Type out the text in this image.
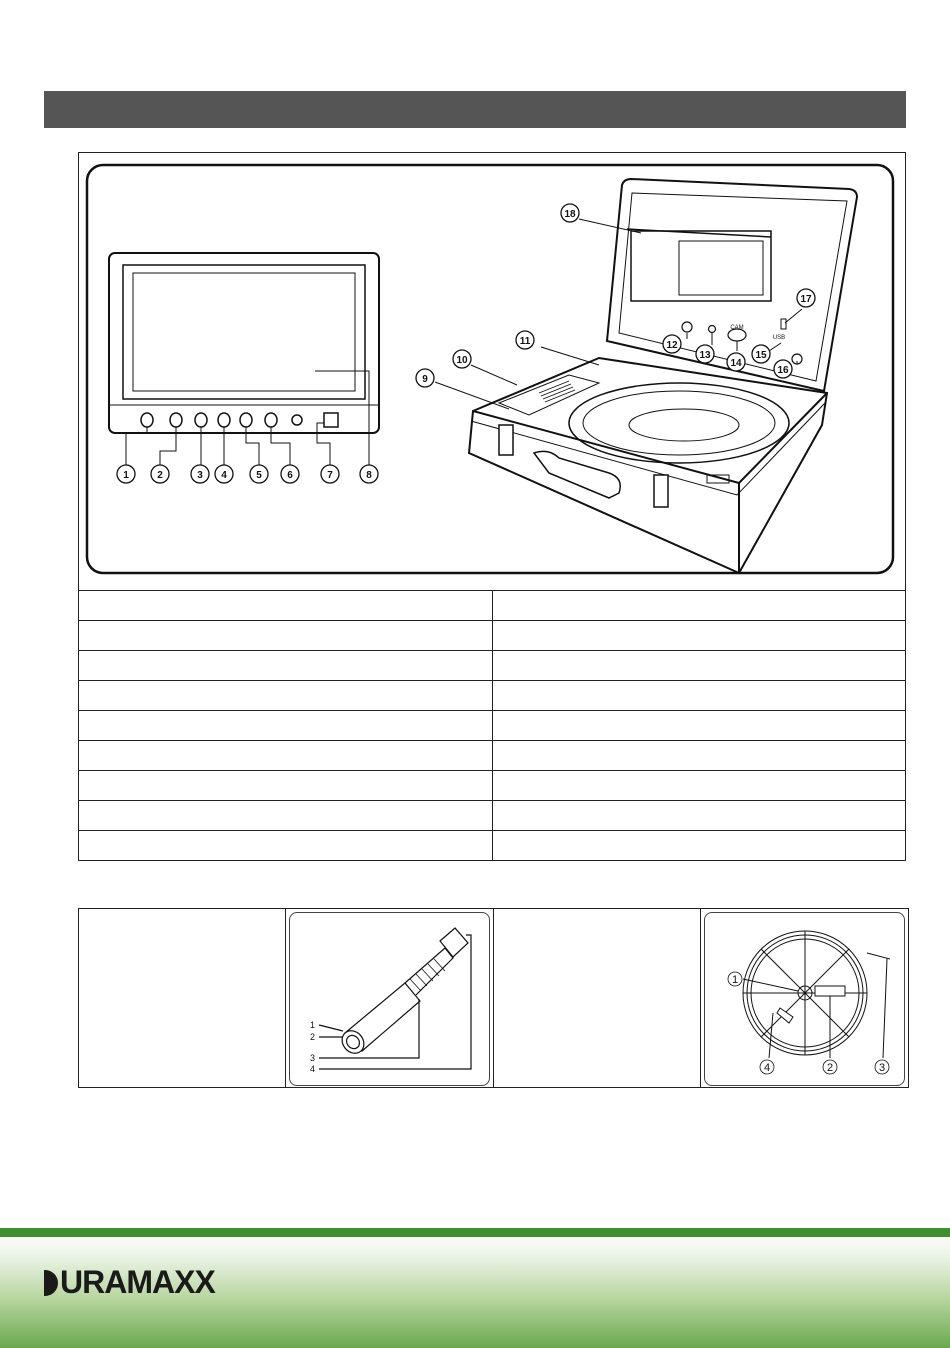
1	2	3 4	5	6	7	8
CAM
USB
9
10
11	12
13
14
15
16
17
18

1
2
3
4

1
4	2	3
URAMAXX
